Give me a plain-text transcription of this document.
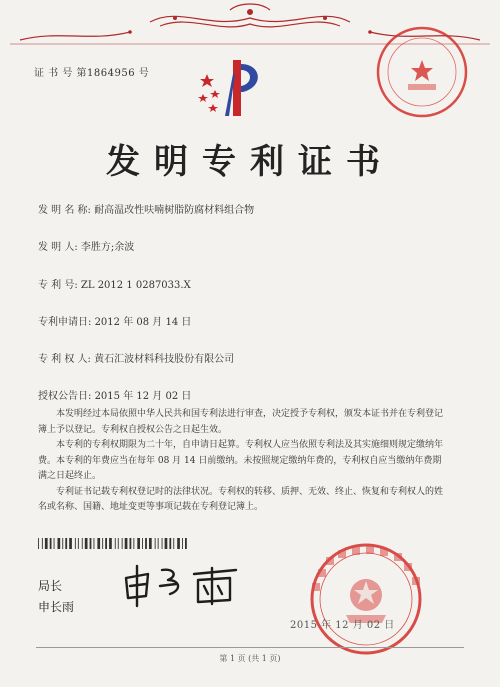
证 书 号 第1864956 号
发明专利证书
发 明 名 称: 耐高温改性呋喃树脂防腐材料组合物
发 明 人: 李胜方;余波
专 利 号: ZL 2012 1 0287033.X
专利申请日: 2012 年 08 月 14 日
专 利 权 人: 黄石汇波材料科技股份有限公司
授权公告日: 2015 年 12 月 02 日

本发明经过本局依照中华人民共和国专利法进行审查，决定授予专利权，颁发本证书并在专利登记簿上予以登记。专利权自授权公告之日起生效。

本专利的专利权期限为二十年，自申请日起算。专利权人应当依照专利法及其实施细则规定缴纳年费。本专利的年费应当在每年 08 月 14 日前缴纳。未按照规定缴纳年费的，专利权自应当缴纳年费期满之日起终止。

专利证书记载专利权登记时的法律状况。专利权的转移、质押、无效、终止、恢复和专利权人的姓名或名称、国籍、地址变更等事项记载在专利登记簿上。

局长
申长雨
2015 年 12 月 02 日
第 1 页 (共 1 页)
